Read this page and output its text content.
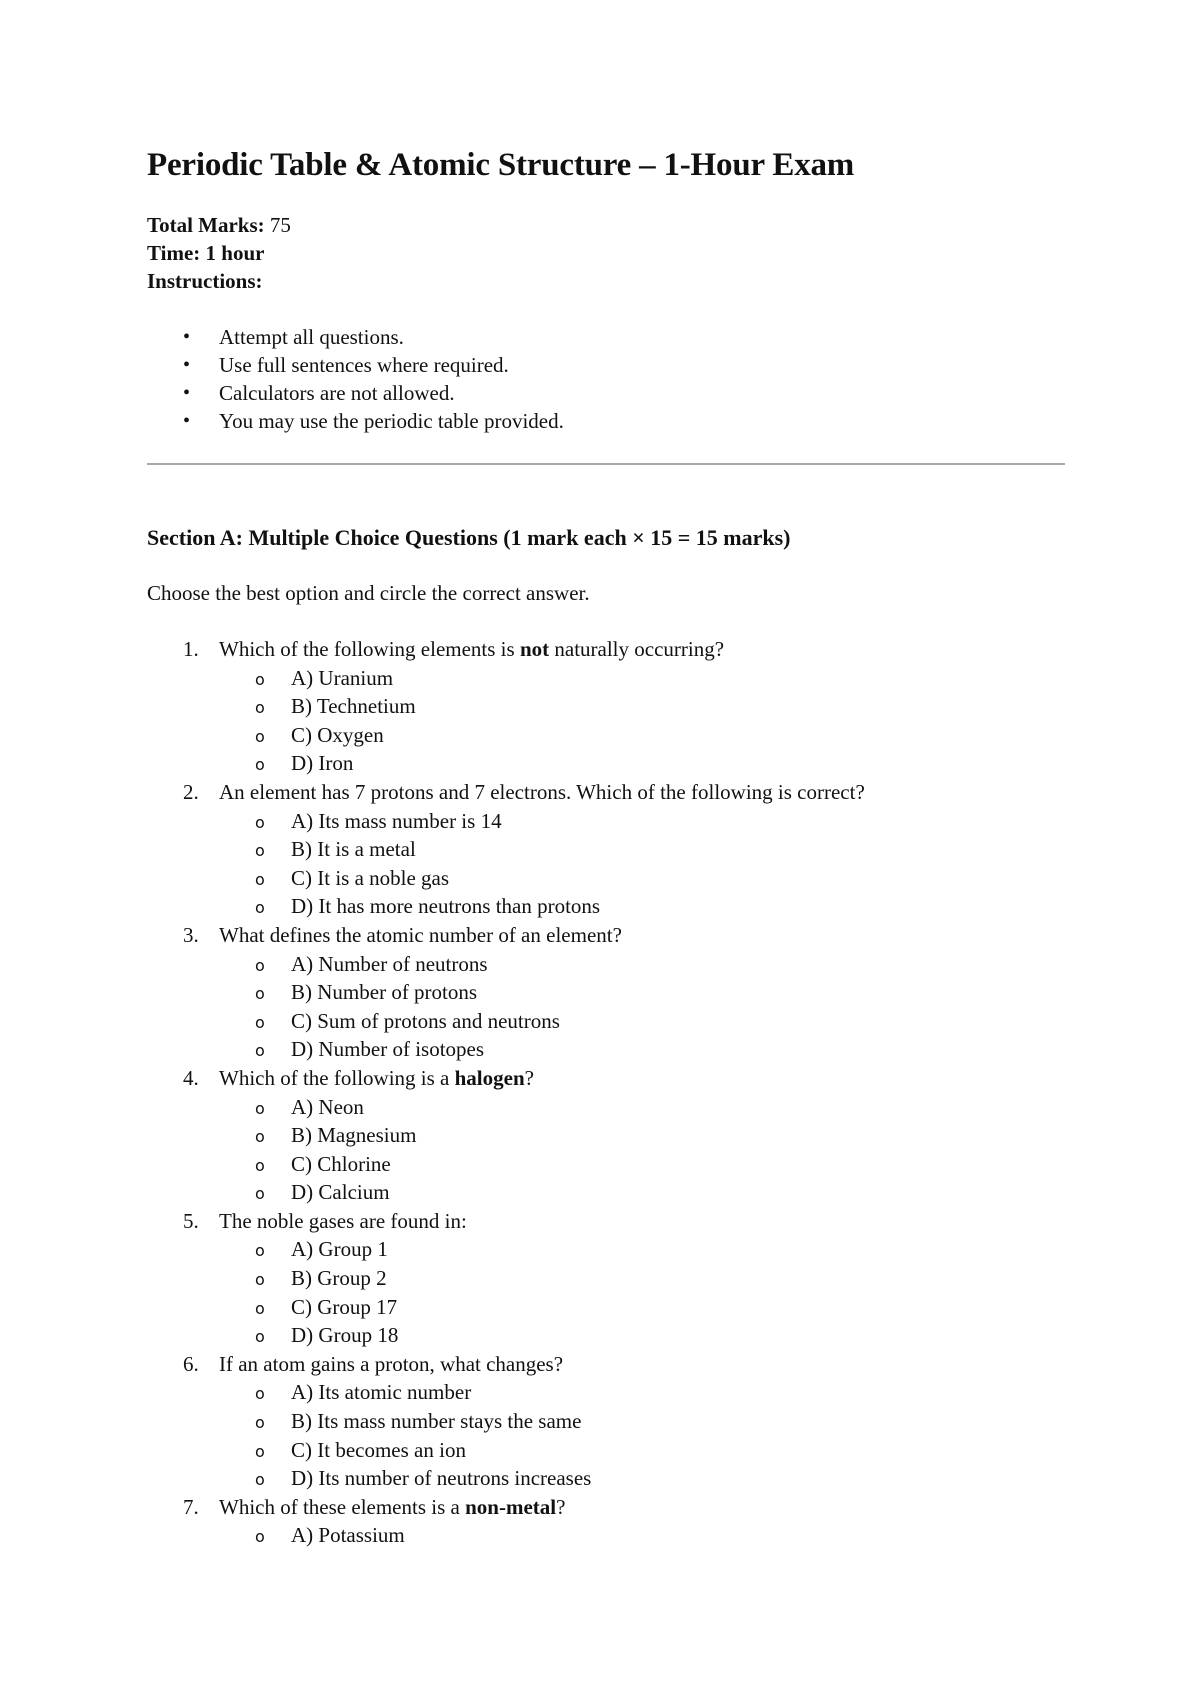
Periodic Table & Atomic Structure – 1-Hour Exam

Total Marks: 75

Time: 1 hour

Instructions:

• Attempt all questions.
• Use full sentences where required.
• Calculators are not allowed.
• You may use the periodic table provided.
Section A: Multiple Choice Questions (1 mark each × 15 = 15 marks)
Choose the best option and circle the correct answer.
1. Which of the following elements is not naturally occurring?
o A) Uranium
o B) Technetium
o C) Oxygen
o D) Iron
2. An element has 7 protons and 7 electrons. Which of the following is correct?
o A) Its mass number is 14
o B) It is a metal
o C) It is a noble gas
o D) It has more neutrons than protons
3. What defines the atomic number of an element?
o A) Number of neutrons
o B) Number of protons
o C) Sum of protons and neutrons
o D) Number of isotopes
4. Which of the following is a halogen?
o A) Neon
o B) Magnesium
o C) Chlorine
o D) Calcium
5. The noble gases are found in:
o A) Group 1
o B) Group 2
o C) Group 17
o D) Group 18
6. If an atom gains a proton, what changes?
o A) Its atomic number
o B) Its mass number stays the same
o C) It becomes an ion
o D) Its number of neutrons increases
7. Which of these elements is a non-metal?
o A) Potassium
